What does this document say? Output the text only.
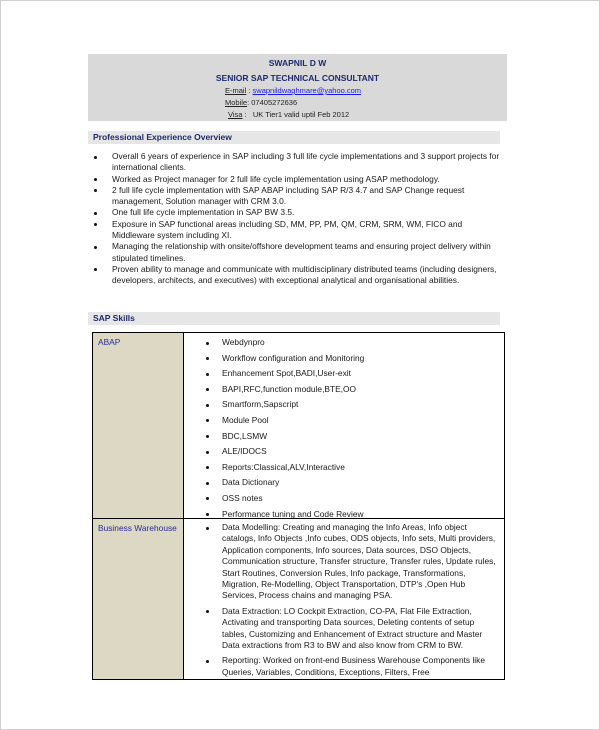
SWAPNIL D W
SENIOR SAP TECHNICAL CONSULTANT
E-mail : swapnildwaghmare@yahoo.com
Mobile: 07405272636
Visa :   UK Tier1 valid uptil Feb 2012
Professional Experience Overview
Overall 6 years of experience in SAP including 3 full life cycle implementations and 3 support projects for international clients.
Worked as Project manager for 2 full life cycle implementation using ASAP methodology.
2 full life cycle implementation with SAP ABAP including SAP R/3 4.7 and SAP Change request management, Solution manager with CRM 3.0.
One full life cycle implementation in SAP BW 3.5.
Exposure in SAP functional areas including SD, MM, PP, PM, QM, CRM, SRM, WM, FICO and Middleware system including XI.
Managing the relationship with onsite/offshore development teams and ensuring project delivery within stipulated timelines.
Proven ability to manage and communicate with multidisciplinary distributed teams (including designers, developers, architects, and executives) with exceptional analytical and organisational abilities.
SAP Skills
ABAP	Webdynpro
Workflow configuration and Monitoring
Enhancement Spot,BADI,User-exit
BAPI,RFC,function module,BTE,OO
Smartform,Sapscript
Module Pool
BDC,LSMW
ALE/IDOCS
Reports:Classical,ALV,Interactive
Data Dictionary
OSS notes
Performance tuning and Code Review
Business Warehouse	Data Modelling: Creating and managing the Info Areas, Info object catalogs, Info Objects ,Info cubes, ODS objects, Info sets, Multi providers, Application components, Info sources, Data sources, DSO Objects, Communication structure, Transfer structure, Transfer rules, Update rules, Start Routines, Conversion Rules, Info package, Transformations, Migration, Re-Modelling, Object Transportation, DTP's ,Open Hub Services, Process chains and managing PSA.
Data Extraction: LO Cockpit Extraction, CO-PA, Flat File Extraction, Activating and transporting Data sources, Deleting contents of setup tables, Customizing and Enhancement of Extract structure and Master Data extractions from R3 to BW and also know from CRM to BW.
Reporting: Worked on front-end Business Warehouse Components like Queries, Variables, Conditions, Exceptions, Filters, Free
